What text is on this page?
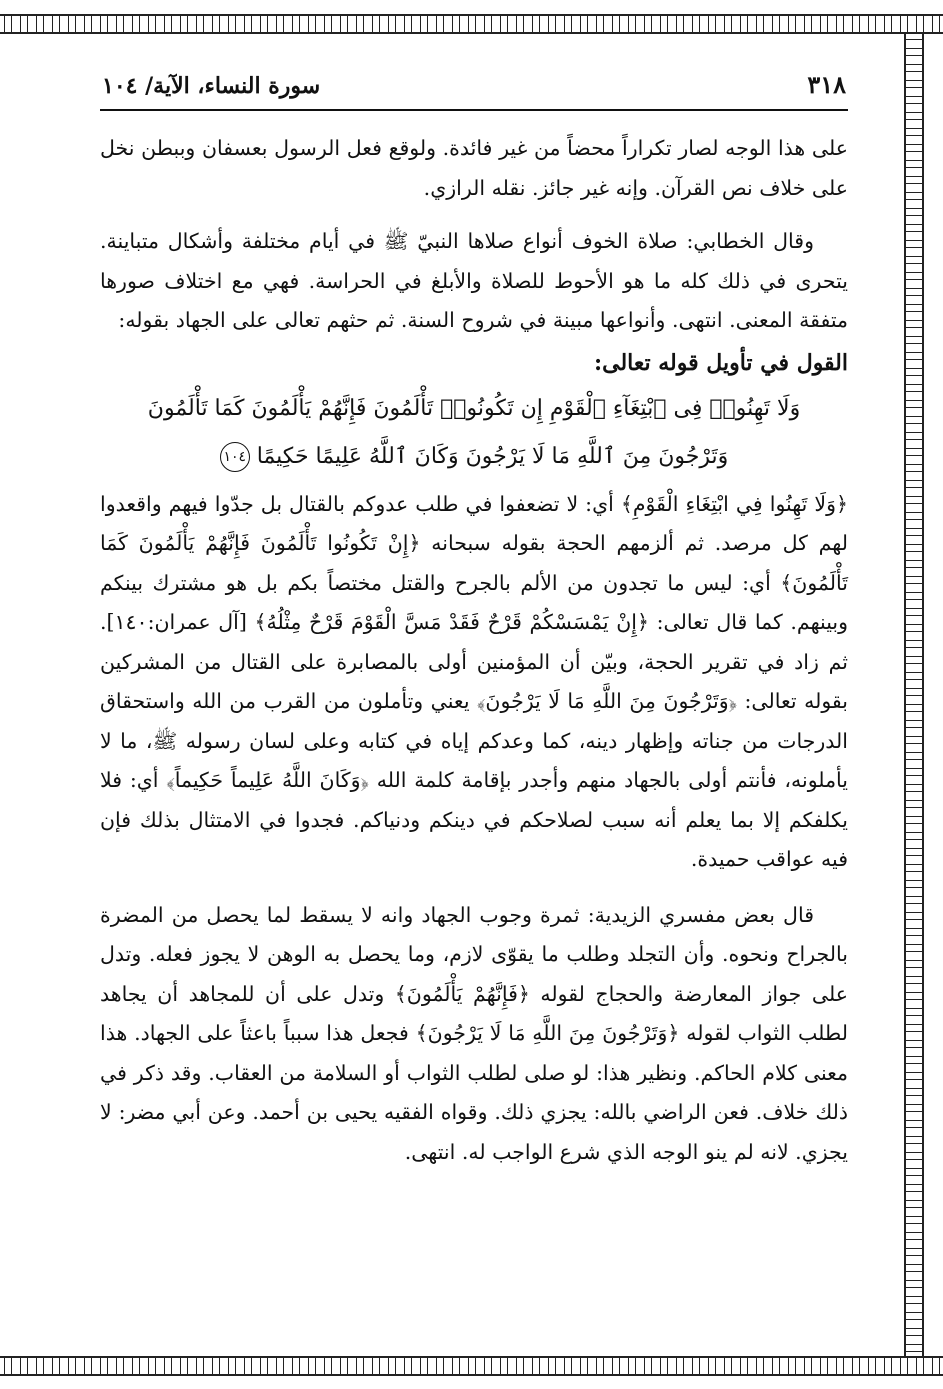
٣١٨
سورة النساء، الآية/ ١٠٤

على هذا الوجه لصار تكراراً محضاً من غير فائدة. ولوقع فعل الرسول بعسفان وببطن نخل على خلاف نص القرآن. وإنه غير جائز. نقله الرازي.

وقال الخطابي: صلاة الخوف أنواع صلاها النبيّ ﷺ في أيام مختلفة وأشكال متباينة. يتحرى في ذلك كله ما هو الأحوط للصلاة والأبلغ في الحراسة. فهي مع اختلاف صورها متفقة المعنى. انتهى. وأنواعها مبينة في شروح السنة. ثم حثهم تعالى على الجهاد بقوله:

القول في تأويل قوله تعالى:
وَلَا تَهِنُوا۟ فِى ٱبْتِغَآءِ ٱلْقَوْمِ إِن تَكُونُوا۟ تَأْلَمُونَ فَإِنَّهُمْ يَأْلَمُونَ كَمَا تَأْلَمُونَ
وَتَرْجُونَ مِنَ ٱللَّهِ مَا لَا يَرْجُونَ وَكَانَ ٱللَّهُ عَلِيمًا حَكِيمًا ١٠٤

﴿وَلَا تَهِنُوا فِي ابْتِغَاءِ الْقَوْمِ﴾ أي: لا تضعفوا في طلب عدوكم بالقتال بل جدّوا فيهم واقعدوا لهم كل مرصد. ثم ألزمهم الحجة بقوله سبحانه ﴿إِنْ تَكُونُوا تَأْلَمُونَ فَإِنَّهُمْ يَأْلَمُونَ كَمَا تَأْلَمُونَ﴾ أي: ليس ما تجدون من الألم بالجرح والقتل مختصاً بكم بل هو مشترك بينكم وبينهم. كما قال تعالى: ﴿إِنْ يَمْسَسْكُمْ قَرْحٌ فَقَدْ مَسَّ الْقَوْمَ قَرْحٌ مِثْلُهُ﴾ [آل عمران:١٤٠]. ثم زاد في تقرير الحجة، وبيّن أن المؤمنين أولى بالمصابرة على القتال من المشركين بقوله تعالى: ﴿وَتَرْجُونَ مِنَ اللَّهِ مَا لَا يَرْجُونَ﴾ يعني وتأملون من القرب من الله واستحقاق الدرجات من جناته وإظهار دينه، كما وعدكم إياه في كتابه وعلى لسان رسوله ﷺ، ما لا يأملونه، فأنتم أولى بالجهاد منهم وأجدر بإقامة كلمة الله ﴿وَكَانَ اللَّهُ عَلِيماً حَكِيماً﴾ أي: فلا يكلفكم إلا بما يعلم أنه سبب لصلاحكم في دينكم ودنياكم. فجدوا في الامتثال بذلك فإن فيه عواقب حميدة.

قال بعض مفسري الزيدية: ثمرة وجوب الجهاد وانه لا يسقط لما يحصل من المضرة بالجراح ونحوه. وأن التجلد وطلب ما يقوّى لازم، وما يحصل به الوهن لا يجوز فعله. وتدل على جواز المعارضة والحجاج لقوله ﴿فَإِنَّهُمْ يَأْلَمُونَ﴾ وتدل على أن للمجاهد أن يجاهد لطلب الثواب لقوله ﴿وَتَرْجُونَ مِنَ اللَّهِ مَا لَا يَرْجُونَ﴾ فجعل هذا سبباً باعثاً على الجهاد. هذا معنى كلام الحاكم. ونظير هذا: لو صلى لطلب الثواب أو السلامة من العقاب. وقد ذكر في ذلك خلاف. فعن الراضي بالله: يجزي ذلك. وقواه الفقيه يحيى بن أحمد. وعن أبي مضر: لا يجزي. لانه لم ينو الوجه الذي شرع الواجب له. انتهى.
